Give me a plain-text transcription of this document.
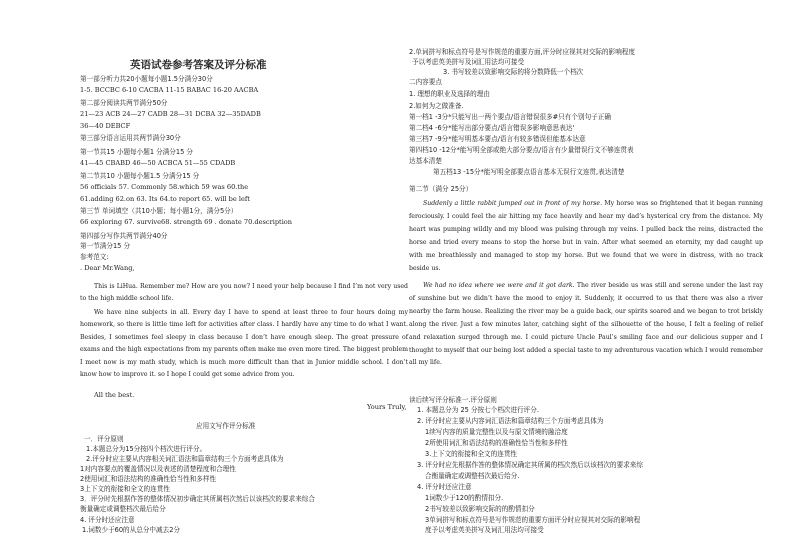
英语试卷参考答案及评分标准
第一部分听力共20小题每小题1.5分满分30分
1-5. BCCBC 6-10 CACBA 11-15 BABAC 16-20 AACBA
第二部分阅读共两节满分50分
21—23 ACB 24—27 CADB 28—31 DCBA 32—35DADB
36—40 DEBCF
第三部分语言运用共两节满分30分
第一节共15 小题每小题1 分满分15 分
41—45 CBABD 46—50 ACBCA 51—55 CDADB
第二节共10 小题每小题1.5 分满分15 分
56 officials 57. Commonly 58.which 59 was 60.the
61.adding 62.on 63. Its 64.to report 65. will be left
第三节 单词填空（共10小题；每小题1分，满分5分）
66 exploring 67. survive68. strength 69 . donate 70.description
第四部分写作共两节满分40分
第一节满分15 分
参考范文:
. Dear Mr.Wang,
This is LiHua. Remember me? How are you now? I need your help because I find I’m not very used to the high middle school life.
We have nine subjects in all. Every day I have to spend at least three to four hours doing my homework, so there is little time left for activities after class. I hardly have any time to do what I want. Besides, I sometimes feel sleepy in class because I don’t have enough sleep. The great pressure of exams and the high expectations from my parents often make me even more tired. The biggest problem I meet now is my math study, which is much more difficult than that in Junior middle school. I don’t know how to improve it. so I hope I could get some advice from you.
All the best.
Yours Truly,
应用文写作评分标准
一．评分原则
1.本题总分为15分按四个档次进行评分。
2.评分时应主要从内容相关词汇语法和篇章结构三个方面考虑具体为
1对内容要点的覆盖情况以及表述的清楚程度和合理性
2使用词汇和语法结构的准确性恰当性和多样性
3上下文的衔接和全文的连贯性
3．评分时先根据作答的整体情况初步确定其所属档次然后以该档次的要求来综合
衡量确定或调整档次最后给分
4. 评分时还应注意
1.词数少于60的从总分中减去2分
2.单词拼写和标点符号是写作规范的重要方面,评分时应视其对交际的影响程度
予以考虑英美拼写及词汇用法均可接受
3. 书写较差以致影响交际的将分数降低一个档次
二内容要点
1. 理想的职业及选择的理由
2.如何为之做准备.
第一档1 -3分*只能写出一两个要点/语言错误很多#只有个别句子正确
第二档4 -6分*能写出部分要点/语言错误多影响意思表达'
第三档7 -9分*能写明基本要点/语言有较多错误但能基本达意
第四档10 -12分*能写明全部或绝大部分要点/语言有少量错误行文不够连贯表
达基本清楚
第五档13 -15分*能写明全部要点语言基本无误行文连贯,表达清楚
第二节（满分 25分）
Suddenly a little rabbit jumped out in front of my horse. My horse was so frightened that it began running ferociously. I could feel the air hitting my face heavily and hear my dad’s hysterical cry from the distance. My heart was pumping wildly and my blood was pulsing through my veins. I pulled back the reins, distracted the horse and tried every means to stop the horse but in vain. After what seemed an eternity, my dad caught up with me breathlessly and managed to stop my horse. But we found that we were in distress, with no track beside us.
We had no idea where we were and it got dark. The river beside us was still and serene under the last ray of sunshine but we didn’t have the mood to enjoy it. Suddenly, it occurred to us that there was also a river nearby the farm house. Realizing the river may be a guide back, our spirits soared and we began to trot briskly along the river. Just a few minutes later, catching sight of the silhouette of the house, I felt a feeling of relief and relaxation surged through me. I could picture Uncle Paul’s smiling face and our delicious supper and I thought to myself that our being lost added a special taste to my adventurous vacation which I would remember all my life.
读后续写评分标准一.评分原则
1. 本题总分为 25 分按七个档次进行评分.
2. 评分时应主要从内容词汇语法和篇章结构三个方面考虑具体为
1续写内容的质量完整性以及与原文情境的融洽度
2所使用词汇和语法结构的准确性恰当性和多样性
3.上下文的衔接和全文的连贯性
3. 评分时应先根据作答的整体情况确定其所属的档次然后以该档次的要求来综
合衡量确定或调整档次最后给分.
4. 评分时还应注意
1词数少于120的酌情扣分.
2书写较差以致影响交际的的酌情扣分
3单词拼写和标点符号是写作规范的重要方面评分时应视其对交际的影响程
度予以考虑英美拼写及词汇用法均可接受
